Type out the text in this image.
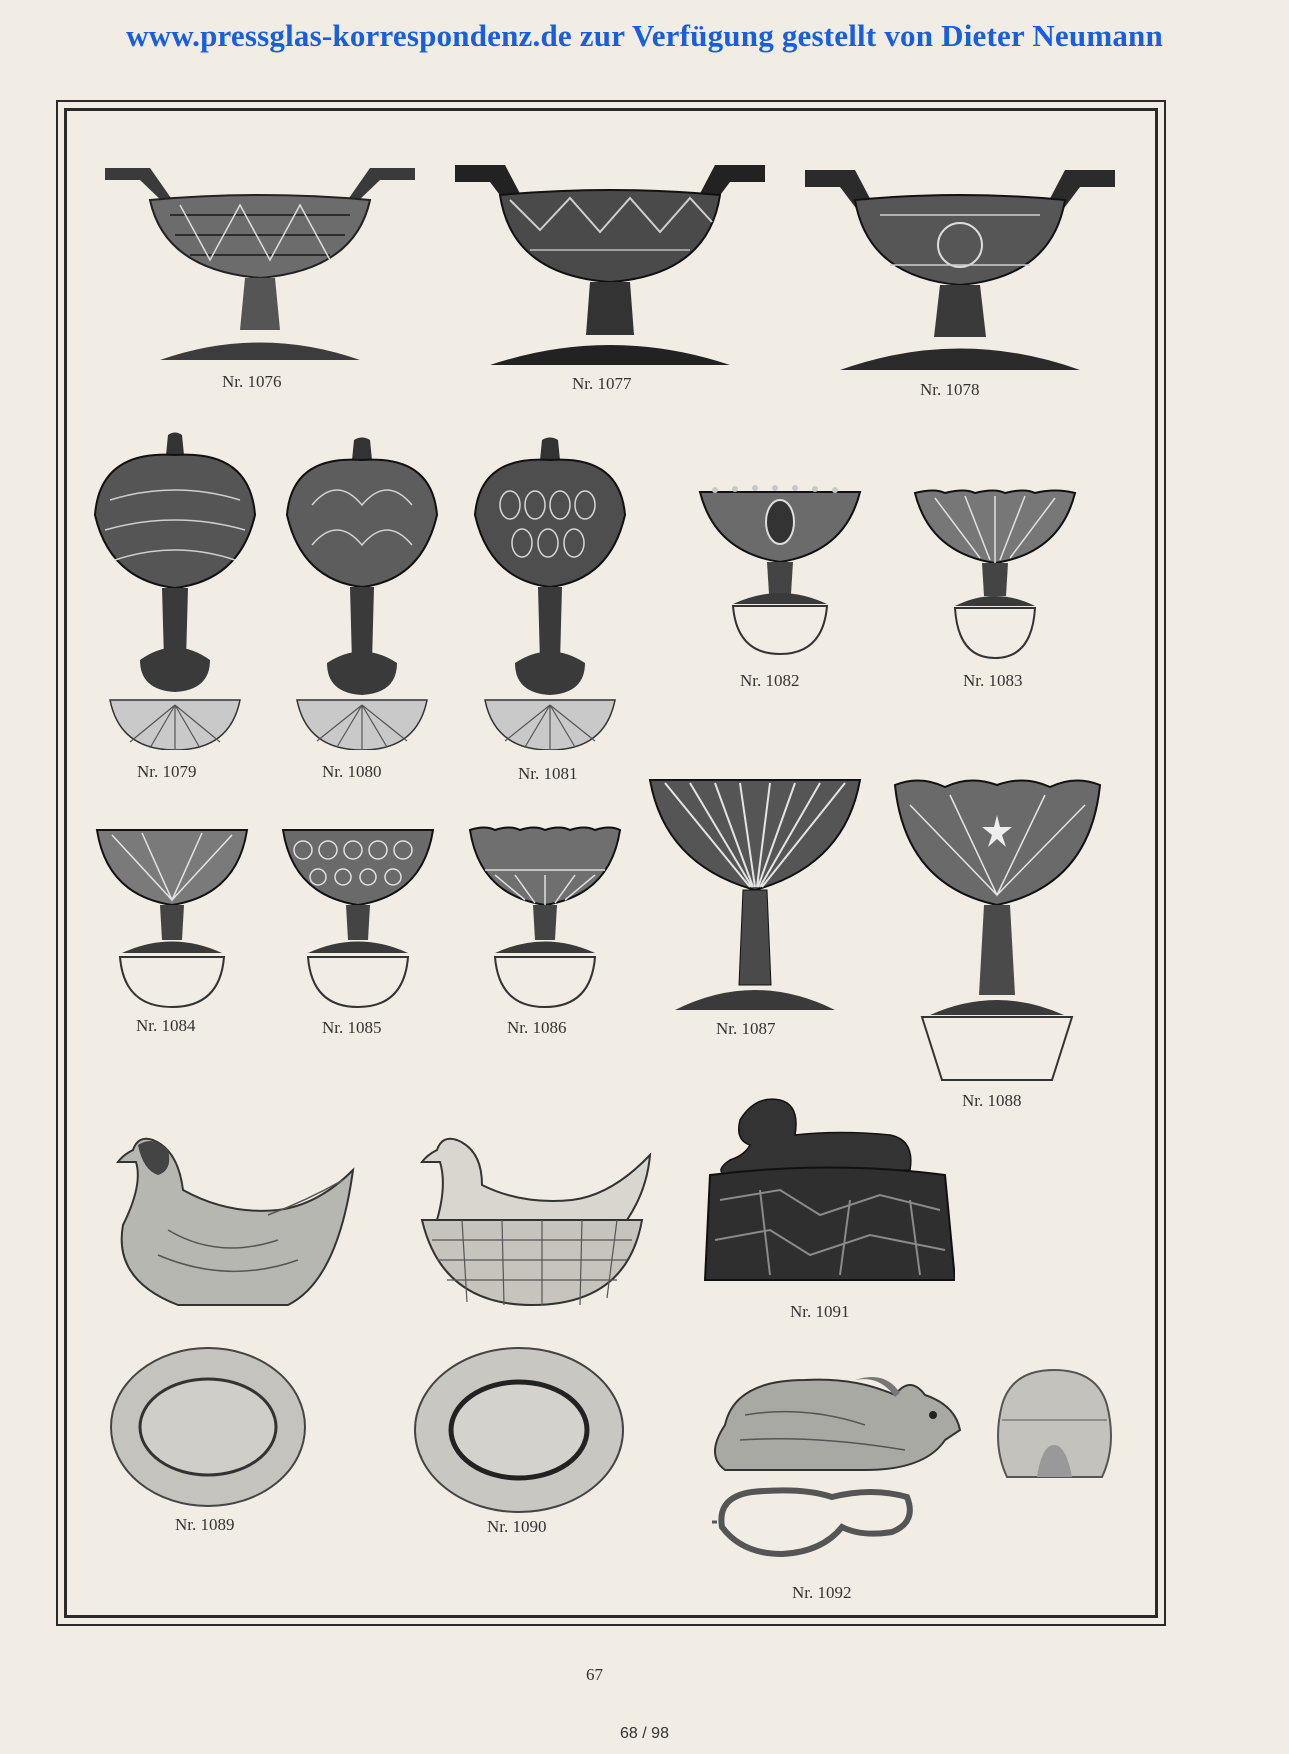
www.pressglas-korrespondenz.de zur Verfügung gestellt von Dieter Neumann
Nr. 1076	Nr. 1077	Nr. 1078
Nr. 1079	Nr. 1080	Nr. 1081
Nr. 1082	Nr. 1083
Nr. 1084	Nr. 1085	Nr. 1086	Nr. 1087
Nr. 1088
Nr. 1091
Nr. 1089	Nr. 1090
Nr. 1092
67
68 / 98
